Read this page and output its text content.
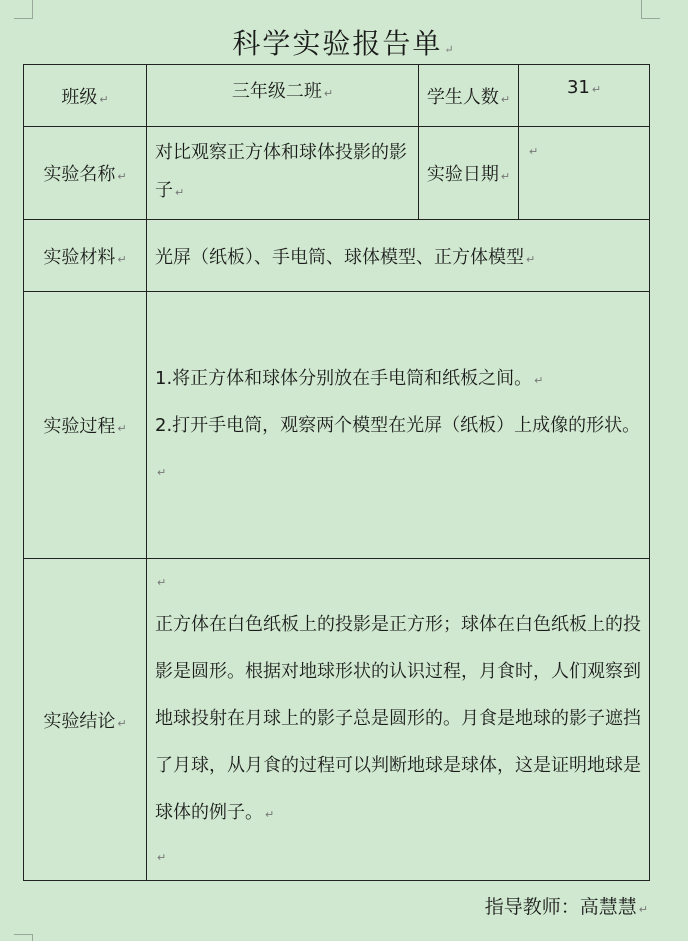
科学实验报告单 ↵
班级 ↵	三年级二班 ↵	学生人数 ↵	31 ↵
实验名称 ↵	对比观察正方体和球体投影的影子 ↵	实验日期 ↵	↵
实验材料 ↵	光屏（纸板）、手电筒、球体模型、正方体模型 ↵		
实验过程 ↵	1.将正方体和球体分别放在手电筒和纸板之间。 ↵

2.打开手电筒，观察两个模型在光屏（纸板）上成像的形状。↵		

实验结论 ↵	↵

正方体在白色纸板上的投影是正方形；球体在白色纸板上的投影是圆形。根据对地球形状的认识过程，月食时，人们观察到地球投射在月球上的影子总是圆形的。月食是地球的影子遮挡了月球，从月食的过程可以判断地球是球体，这是证明地球是球体的例子。 ↵

↵		
指导教师：高慧慧 ↵
